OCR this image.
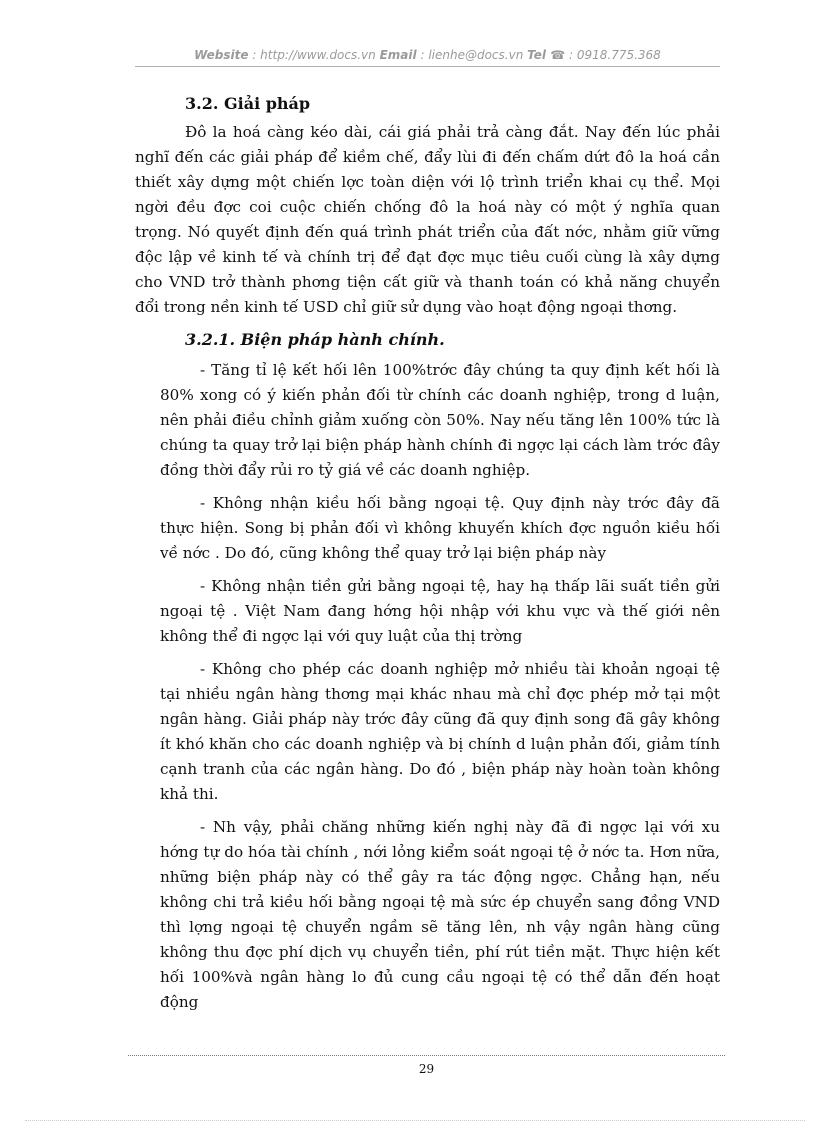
Website : http://www.docs.vn Email : lienhe@docs.vn Tel ☎ : 0918.775.368
3.2. Giải pháp

Đô la hoá càng kéo dài, cái giá phải trả càng đắt. Nay đến lúc phải nghĩ đến các giải pháp để kiềm chế, đẩy lùi đi đến chấm dứt đô la hoá cần thiết xây dựng một chiến lợc toàn diện với lộ trình triển khai cụ thể. Mọi ngời đều đợc coi cuộc chiến chống đô la hoá này có một ý nghĩa quan trọng. Nó quyết định đến quá trình phát triển của đất nớc, nhằm giữ vững độc lập về kinh tế và chính trị để đạt đợc mục tiêu cuối cùng là xây dựng cho VND trở thành phơng tiện cất giữ và thanh toán có khả năng chuyển đổi trong nền kinh tế USD chỉ giữ sử dụng vào hoạt động ngoại thơng.

3.2.1. Biện pháp hành chính.

- Tăng tỉ lệ kết hối lên 100%trớc đây chúng ta quy định kết hối là 80% xong có ý kiến phản đối từ chính các doanh nghiệp, trong d luận, nên phải điều chỉnh giảm xuống còn 50%. Nay nếu tăng lên 100% tức là chúng ta quay trở lại biện pháp hành chính đi ngợc lại cách làm trớc đây đồng thời đẩy rủi ro tỷ giá về các doanh nghiệp.

- Không nhận kiều hối bằng ngoại tệ. Quy định này trớc đây đã thực hiện. Song bị phản đối vì không khuyến khích đợc nguồn kiều hối về nớc . Do đó, cũng không thể quay trở lại biện pháp này

- Không nhận tiền gửi bằng ngoại tệ, hay hạ thấp lãi suất tiền gửi ngoại tệ . Việt Nam đang hớng hội nhập với khu vực và thế giới nên không thể đi ngợc lại với quy luật của thị trờng

- Không cho phép các doanh nghiệp mở nhiều tài khoản ngoại tệ tại nhiều ngân hàng thơng mại khác nhau mà chỉ đợc phép mở tại một ngân hàng. Giải pháp này trớc đây cũng đã quy định song đã gây không ít khó khăn cho các doanh nghiệp và bị chính d luận phản đối, giảm tính cạnh tranh của các ngân hàng. Do đó , biện pháp này hoàn toàn không khả thi.

- Nh vậy, phải chăng những kiến nghị này đã đi ngợc lại với xu hớng tự do hóa tài chính , nới lỏng kiểm soát ngoại tệ ở nớc ta. Hơn nữa, những biện pháp này có thể gây ra tác động ngợc. Chẳng hạn, nếu không chi trả kiều hối bằng ngoại tệ mà sức ép chuyển sang đồng VND thì lợng ngoại tệ chuyển ngầm sẽ tăng lên, nh vậy ngân hàng cũng không thu đợc phí dịch vụ chuyển tiền, phí rút tiền mặt. Thực hiện kết hối 100%và ngân hàng lo đủ cung cầu ngoại tệ có thể dẫn đến hoạt động

29
